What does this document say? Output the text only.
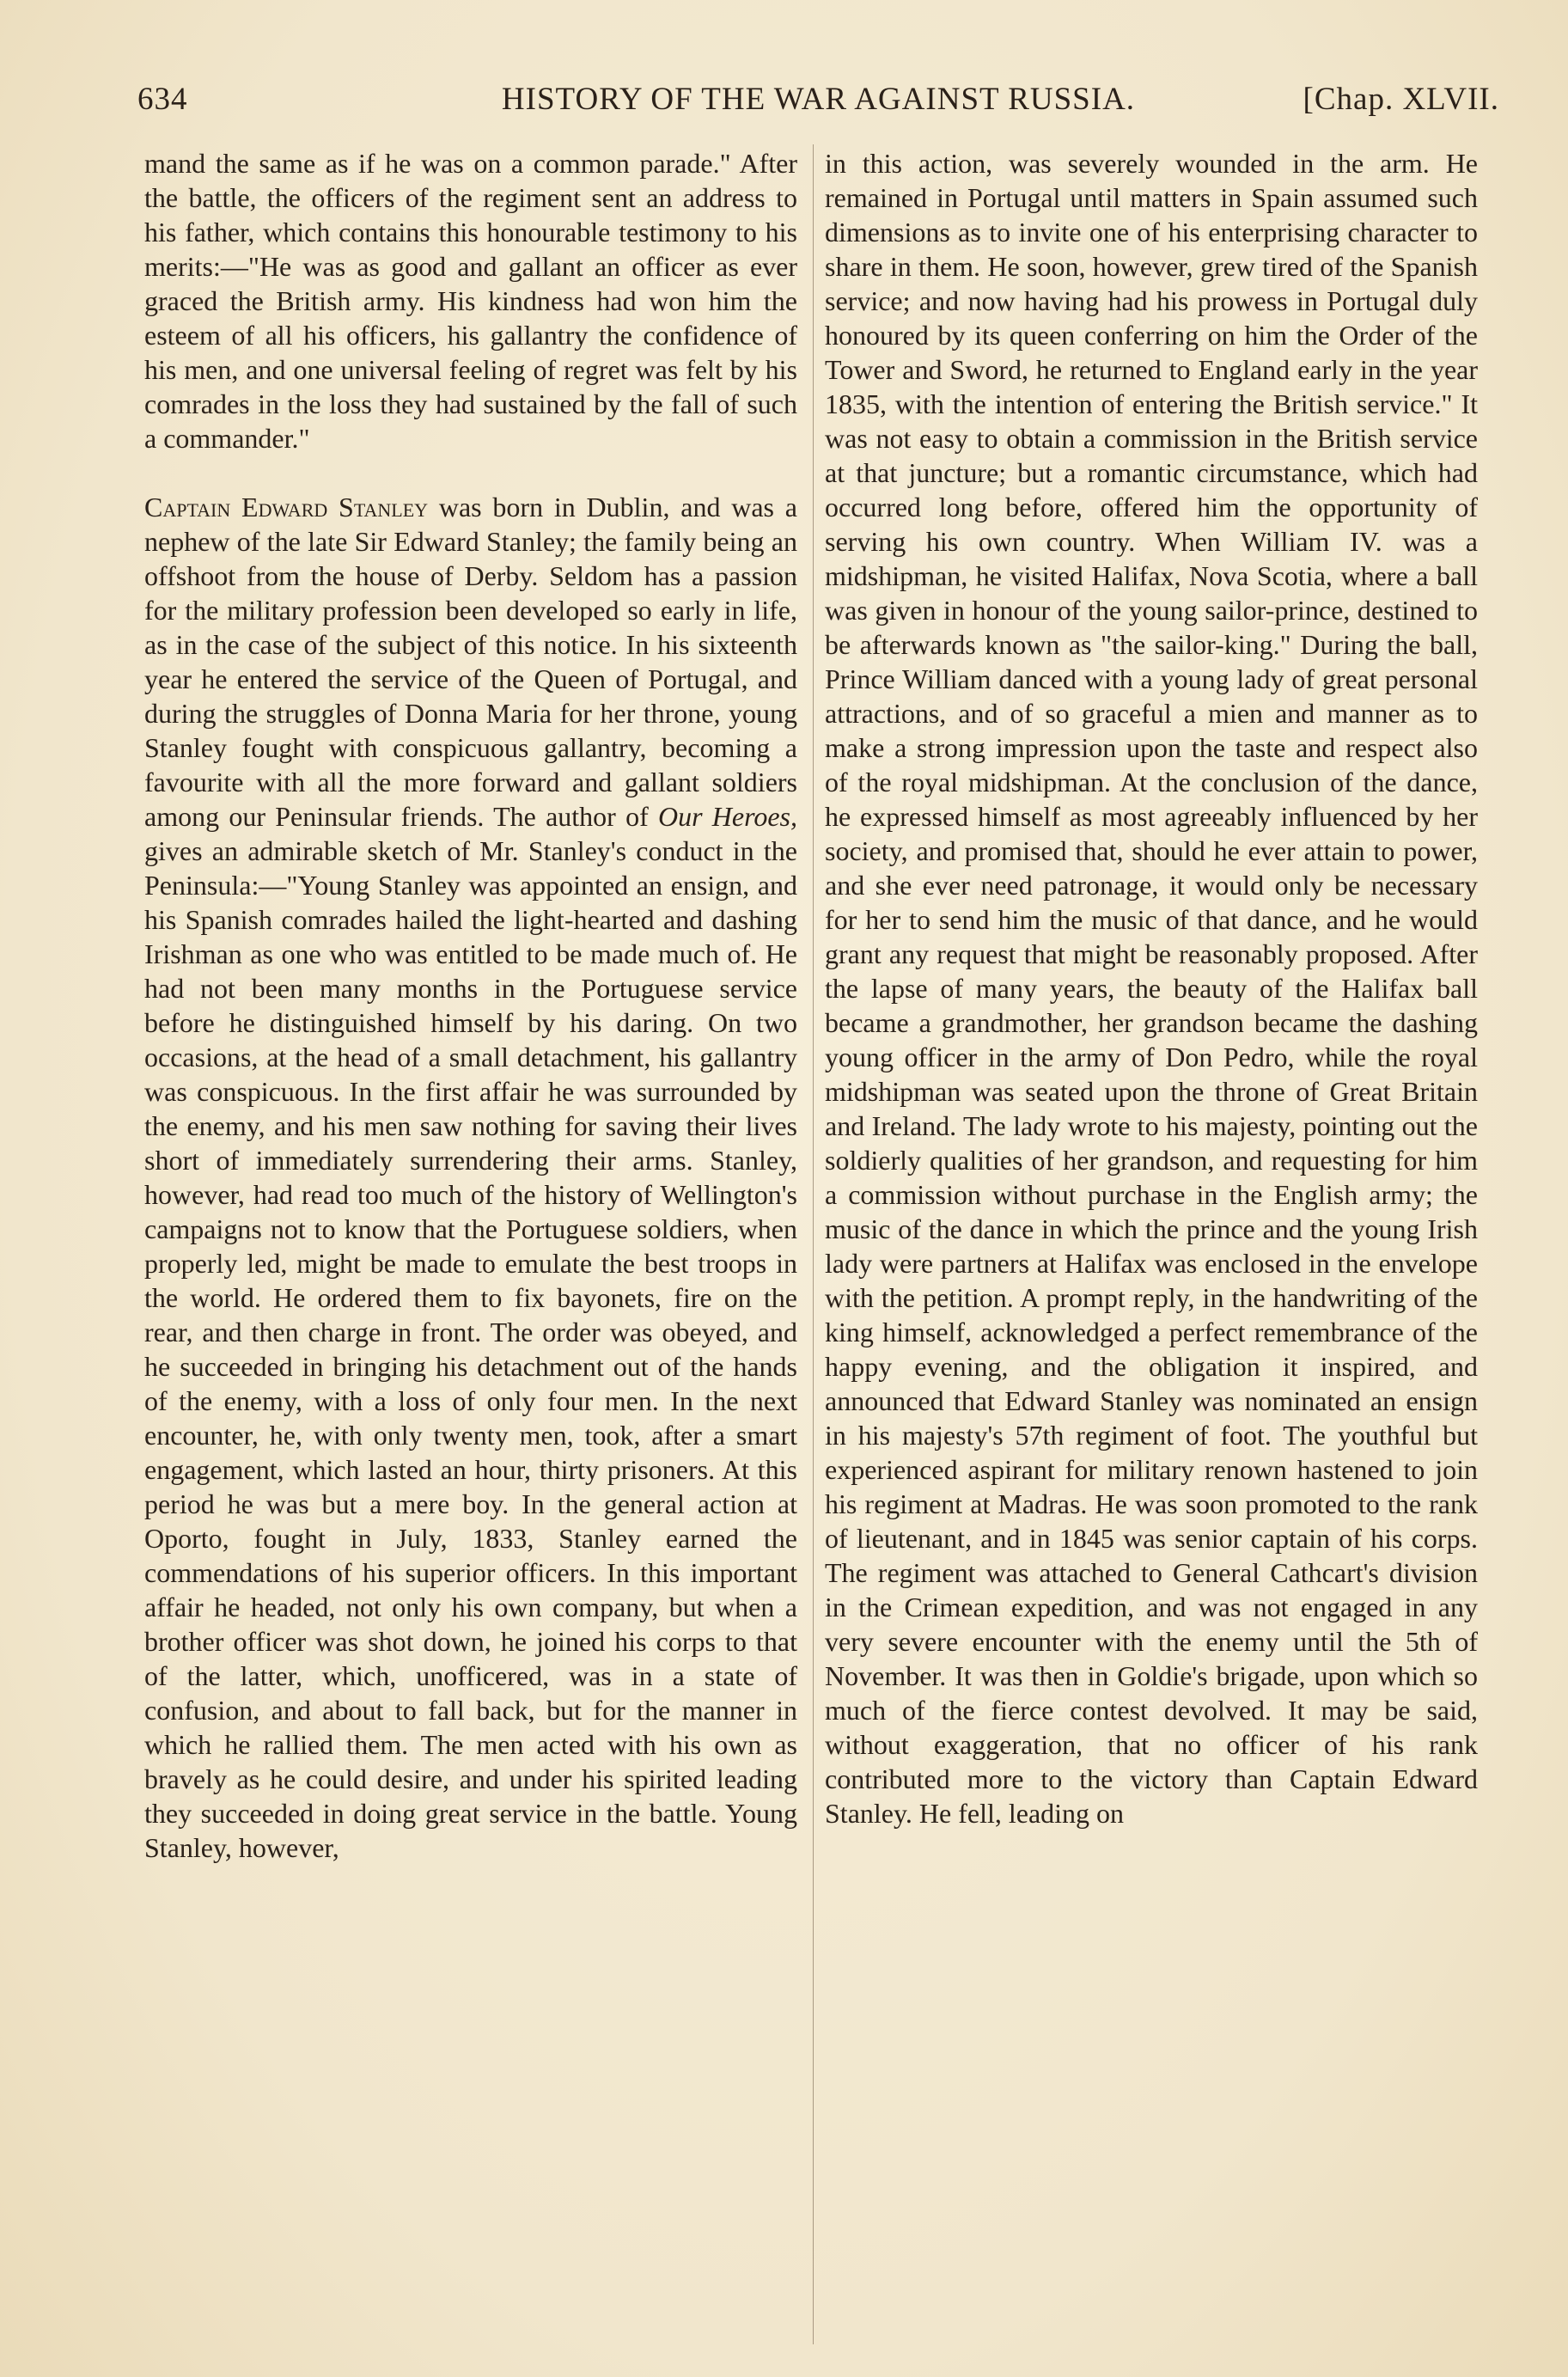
634	HISTORY OF THE WAR AGAINST RUSSIA.	[Chap. XLVII.

mand the same as if he was on a common parade." After the battle, the officers of the regiment sent an address to his father, which contains this honourable testimony to his merits:—"He was as good and gallant an officer as ever graced the British army. His kindness had won him the esteem of all his officers, his gallantry the confidence of his men, and one universal feeling of regret was felt by his comrades in the loss they had sustained by the fall of such a commander."

Captain Edward Stanley was born in Dublin, and was a nephew of the late Sir Edward Stanley; the family being an offshoot from the house of Derby. Seldom has a passion for the military profession been developed so early in life, as in the case of the subject of this notice. In his sixteenth year he entered the service of the Queen of Portugal, and during the struggles of Donna Maria for her throne, young Stanley fought with conspicuous gallantry, becoming a favourite with all the more forward and gallant soldiers among our Peninsular friends. The author of Our Heroes, gives an admirable sketch of Mr. Stanley's conduct in the Peninsula:—"Young Stanley was appointed an ensign, and his Spanish comrades hailed the light-hearted and dashing Irishman as one who was entitled to be made much of. He had not been many months in the Portuguese service before he distinguished himself by his daring. On two occasions, at the head of a small detachment, his gallantry was conspicuous. In the first affair he was surrounded by the enemy, and his men saw nothing for saving their lives short of immediately surrendering their arms. Stanley, however, had read too much of the history of Wellington's campaigns not to know that the Portuguese soldiers, when properly led, might be made to emulate the best troops in the world. He ordered them to fix bayonets, fire on the rear, and then charge in front. The order was obeyed, and he succeeded in bringing his detachment out of the hands of the enemy, with a loss of only four men. In the next encounter, he, with only twenty men, took, after a smart engagement, which lasted an hour, thirty prisoners. At this period he was but a mere boy. In the general action at Oporto, fought in July, 1833, Stanley earned the commendations of his superior officers. In this important affair he headed, not only his own company, but when a brother officer was shot down, he joined his corps to that of the latter, which, unofficered, was in a state of confusion, and about to fall back, but for the manner in which he rallied them. The men acted with his own as bravely as he could desire, and under his spirited leading they succeeded in doing great service in the battle. Young Stanley, however,

in this action, was severely wounded in the arm. He remained in Portugal until matters in Spain assumed such dimensions as to invite one of his enterprising character to share in them. He soon, however, grew tired of the Spanish service; and now having had his prowess in Portugal duly honoured by its queen conferring on him the Order of the Tower and Sword, he returned to England early in the year 1835, with the intention of entering the British service." It was not easy to obtain a commission in the British service at that juncture; but a romantic circumstance, which had occurred long before, offered him the opportunity of serving his own country. When William IV. was a midshipman, he visited Halifax, Nova Scotia, where a ball was given in honour of the young sailor-prince, destined to be afterwards known as "the sailor-king." During the ball, Prince William danced with a young lady of great personal attractions, and of so graceful a mien and manner as to make a strong impression upon the taste and respect also of the royal midshipman. At the conclusion of the dance, he expressed himself as most agreeably influenced by her society, and promised that, should he ever attain to power, and she ever need patronage, it would only be necessary for her to send him the music of that dance, and he would grant any request that might be reasonably proposed. After the lapse of many years, the beauty of the Halifax ball became a grandmother, her grandson became the dashing young officer in the army of Don Pedro, while the royal midshipman was seated upon the throne of Great Britain and Ireland. The lady wrote to his majesty, pointing out the soldierly qualities of her grandson, and requesting for him a commission without purchase in the English army; the music of the dance in which the prince and the young Irish lady were partners at Halifax was enclosed in the envelope with the petition. A prompt reply, in the handwriting of the king himself, acknowledged a perfect remembrance of the happy evening, and the obligation it inspired, and announced that Edward Stanley was nominated an ensign in his majesty's 57th regiment of foot. The youthful but experienced aspirant for military renown hastened to join his regiment at Madras. He was soon promoted to the rank of lieutenant, and in 1845 was senior captain of his corps. The regiment was attached to General Cathcart's division in the Crimean expedition, and was not engaged in any very severe encounter with the enemy until the 5th of November. It was then in Goldie's brigade, upon which so much of the fierce contest devolved. It may be said, without exaggeration, that no officer of his rank contributed more to the victory than Captain Edward Stanley. He fell, leading on
